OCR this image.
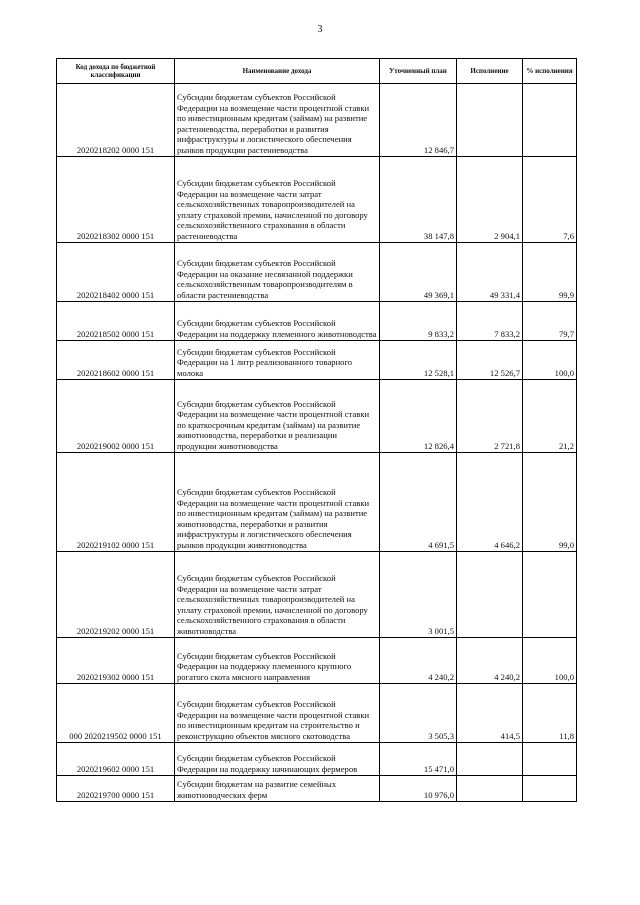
3
Код дохода по бюджетной классификации	Наименование дохода	Уточненный план	Исполнение	% исполнения
2020218202 0000 151	Субсидии бюджетам субъектов Российской Федерации на возмещение части процентной ставки по инвестиционным кредитам (займам) на развитие растениеводства, переработки и развития инфраструктуры и логистического обеспечения рынков продукции растениеводства	12 846,7		
2020218302 0000 151	Субсидии бюджетам субъектов Российской Федерации на возмещение части затрат сельскохозяйственных товаропроизводителей на уплату страховой премии, начисленной по договору сельскохозяйственного страхования в области растениеводства	38 147,8	2 904,1	7,6
2020218402 0000 151	Субсидии бюджетам субъектов Российской Федерации на оказание несвязанной поддержки сельскохозяйственным товаропроизводителям в области растениеводства	49 369,1	49 331,4	99,9
2020218502 0000 151	Субсидии бюджетам субъектов Российской Федерации на поддержку племенного животноводства	9 833,2	7 833,2	79,7
2020218602 0000 151	Субсидии бюджетам субъектов Российской Федерации на 1 литр реализованного товарного молока	12 528,1	12 526,7	100,0
2020219002 0000 151	Субсидии бюджетам субъектов Российской Федерации на возмещение части процентной ставки по краткосрочным кредитам (займам) на развитие животноводства, переработки и реализации продукции животноводства	12 826,4	2 721,8	21,2
2020219102 0000 151	Субсидии бюджетам субъектов Российской Федерации на возмещение части процентной ставки по инвестиционным кредитам (займам) на развитие животноводства, переработки и развития инфраструктуры и логистического обеспечения рынков продукции животноводства	4 691,5	4 646,2	99,0
2020219202 0000 151	Субсидии бюджетам субъектов Российской Федерации на возмещение части затрат сельскохозяйственных товаропроизводителей на уплату страховой премии, начисленной по договору сельскохозяйственного страхования в области животноводства	3 001,5		
2020219302 0000 151	Субсидии бюджетам субъектов Российской Федерации на поддержку племенного крупного рогатого скота мясного направления	4 240,2	4 240,2	100,0
000 2020219502 0000 151	Субсидии бюджетам субъектов Российской Федерации на возмещение части процентной ставки по инвестиционным кредитам на строительство и реконструкцию объектов мясного скотоводства	3 505,3	414,5	11,8
2020219602 0000 151	Субсидии бюджетам субъектов Российской Федерации на поддержку начинающих фермеров	15 471,0		
2020219700 0000 151	Субсидии бюджетам на развитие семейных животноводческих ферм	10 976,0		
